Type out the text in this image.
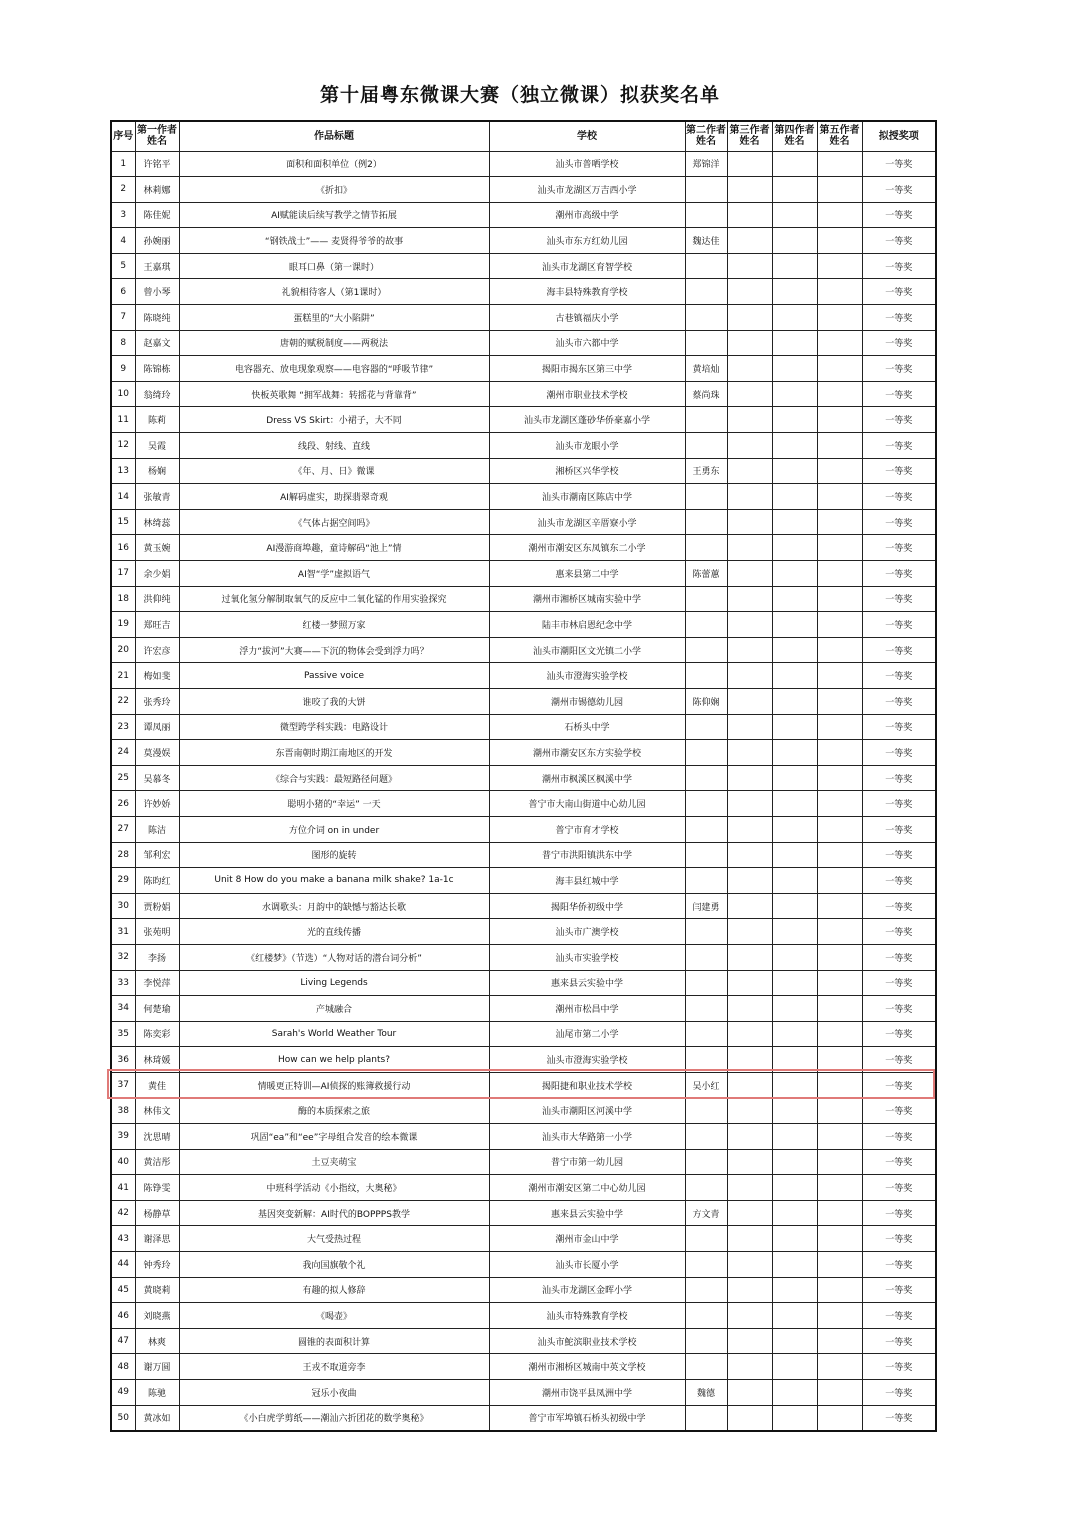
第十届粤东微课大赛（独立微课）拟获奖名单
序号	第一作者姓名	作品标题	学校	第二作者姓名	第三作者姓名	第四作者姓名	第五作者姓名	拟授奖项
1	许铭平	面积和面积单位（例2）	汕头市普哂学校	郑锦洋				一等奖
2	林莉娜	《折扣》	汕头市龙湖区万吉西小学					一等奖
3	陈佳妮	AI赋能读后续写教学之情节拓展	潮州市高级中学					一等奖
4	孙婉丽	“钢铁战士”—— 麦贤得爷爷的故事	汕头市东方红幼儿园	魏达佳				一等奖
5	王嘉琪	眼耳口鼻（第一课时）	汕头市龙湖区育智学校					一等奖
6	曾小琴	礼貌相待客人（第1课时）	海丰县特殊教育学校					一等奖
7	陈晓纯	蛋糕里的“大小陷阱”	古巷镇福庆小学					一等奖
8	赵嘉文	唐朝的赋税制度——两税法	汕头市六都中学					一等奖
9	陈锦栋	电容器充、放电现象观察——电容器的“呼吸节律”	揭阳市揭东区第三中学	黄培灿				一等奖
10	翁绮玲	快板英歌舞 “拥军战舞：转摇花与背靠背”	潮州市职业技术学校	蔡尚珠				一等奖
11	陈莉	Dress VS Skirt：小裙子，大不同	汕头市龙湖区蓬砂华侨豪嘉小学					一等奖
12	吴霞	线段、射线、直线	汕头市龙眼小学					一等奖
13	杨娴	《年、月、日》微课	湘桥区兴华学校	王勇东				一等奖
14	张敏青	AI解码虚实，助探翡翠奇观	汕头市潮南区陈店中学					一等奖
15	林绮蕊	《气体占据空间吗》	汕头市龙湖区辛厝寮小学					一等奖
16	黄玉婉	AI漫游商埠趣，童诗解码“池上”情	潮州市潮安区东凤镇东二小学					一等奖
17	余少娟	AI智“学”虚拟语气	惠来县第二中学	陈蕾蕙				一等奖
18	洪仰纯	过氧化氢分解制取氧气的反应中二氧化锰的作用实验探究	潮州市湘桥区城南实验中学					一等奖
19	郑旺吉	红楼一梦照万家	陆丰市林启恩纪念中学					一等奖
20	许宏彦	浮力“拔河”大赛——下沉的物体会受到浮力吗？	汕头市潮阳区文光镇二小学					一等奖
21	梅如斐	Passive voice	汕头市澄海实验学校					一等奖
22	张秀玲	谁咬了我的大饼	潮州市锡德幼儿园	陈仰娴				一等奖
23	谭凤丽	微型跨学科实践：电路设计	石桥头中学					一等奖
24	莫漫娱	东晋南朝时期江南地区的开发	潮州市潮安区东方实验学校					一等奖
25	吴慕冬	《综合与实践：最短路径问题》	潮州市枫溪区枫溪中学					一等奖
26	许妙娇	聪明小猪的“幸运” 一天	普宁市大南山街道中心幼儿园					一等奖
27	陈洁	方位介词 on in under	普宁市育才学校					一等奖
28	邹利宏	图形的旋转	普宁市洪阳镇洪东中学					一等奖
29	陈昀红	Unit 8 How do you make a banana milk shake? 1a-1c	海丰县红城中学					一等奖
30	贾粉娟	水调歌头：月韵中的缺憾与豁达长歌	揭阳华侨初级中学	闫建勇				一等奖
31	张苑明	光的直线传播	汕头市广澳学校					一等奖
32	李扬	《红楼梦》（节选）“人物对话的潜台词分析”	汕头市实验学校					一等奖
33	李悦萍	Living Legends	惠来县云实验中学					一等奖
34	何楚瑜	产城融合	潮州市松昌中学					一等奖
35	陈奕彩	Sarah's World Weather Tour	汕尾市第二小学					一等奖
36	林琦媛	How can we help plants?	汕头市澄海实验学校					一等奖
37	黄佳	情暖更正特训—AI侦探的账簿救援行动	揭阳捷和职业技术学校	吴小红				一等奖
38	林伟文	酶的本质探索之旅	汕头市潮阳区河溪中学					一等奖
39	沈思晴	巩固“ea”和“ee”字母组合发音的绘本微课	汕头市大华路第一小学					一等奖
40	黄洁彤	土豆夹萌宝	普宁市第一幼儿园					一等奖
41	陈铮雯	中班科学活动《小指纹，大奥秘》	潮州市潮安区第二中心幼儿园					一等奖
42	杨静草	基因突变新解：AI时代的BOPPPS教学	惠来县云实验中学	方文青				一等奖
43	谢泽思	大气受热过程	潮州市金山中学					一等奖
44	钟秀玲	我向国旗敬个礼	汕头市长厦小学					一等奖
45	黄晓莉	有趣的拟人修辞	汕头市龙湖区金晖小学					一等奖
46	刘晓燕	《喝壶》	汕头市特殊教育学校					一等奖
47	林爽	圆锥的表面积计算	汕头市鮀滨职业技术学校					一等奖
48	谢万圆	王戎不取道旁李	潮州市湘桥区城南中英文学校					一等奖
49	陈驰	冠乐小夜曲	潮州市饶平县凤洲中学	魏德				一等奖
50	黄冰如	《小白虎学剪纸——潮汕六折团花的数学奥秘》	普宁市军埠镇石桥头初级中学					一等奖
